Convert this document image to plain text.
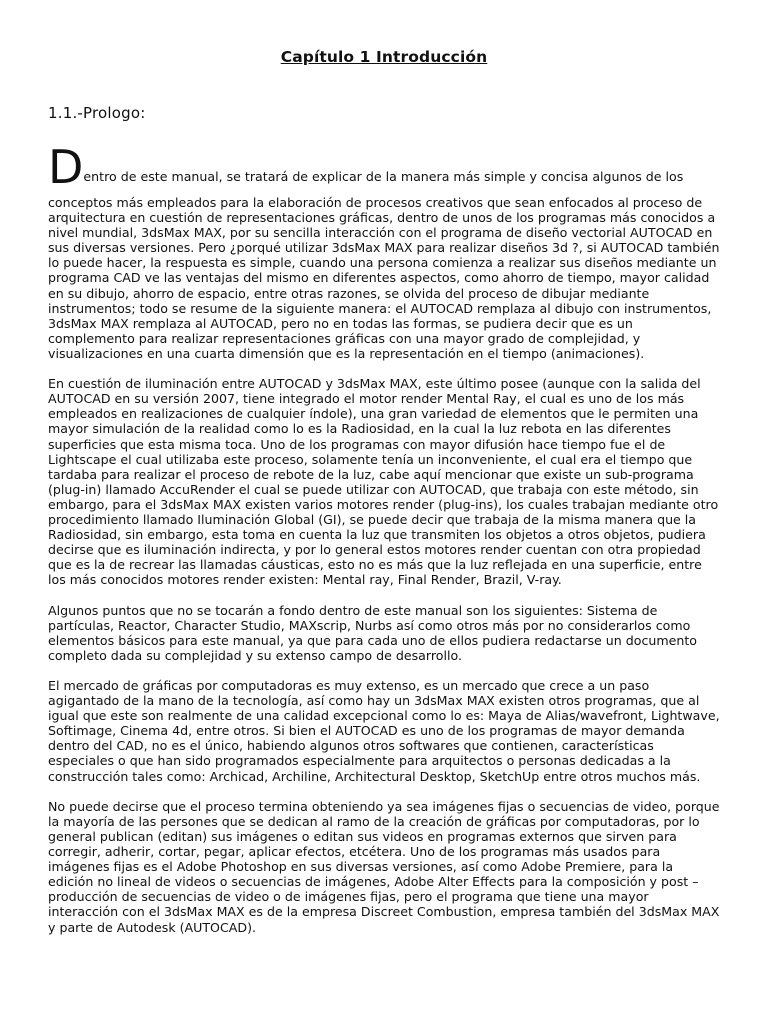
Capítulo 1 Introducción
1.1.-Prologo:

Dentro de este manual, se tratará de explicar de la manera más simple y concisa algunos de los
conceptos más empleados para la elaboración de procesos creativos que sean enfocados al proceso de arquitectura en cuestión de representaciones gráficas, dentro de unos de los programas más conocidos a nivel mundial, 3dsMax MAX, por su sencilla interacción con el programa de diseño vectorial AUTOCAD en sus diversas versiones. Pero ¿porqué utilizar 3dsMax MAX para realizar diseños 3d ?, si AUTOCAD también lo puede hacer, la respuesta es simple, cuando una persona comienza a realizar sus diseños mediante un programa CAD ve las ventajas del mismo en diferentes aspectos, como ahorro de tiempo, mayor calidad en su dibujo, ahorro de espacio, entre otras razones, se olvida del proceso de dibujar mediante instrumentos; todo se resume de la siguiente manera: el AUTOCAD remplaza al dibujo con instrumentos, 3dsMax MAX remplaza al AUTOCAD, pero no en todas las formas, se pudiera decir que es un complemento para realizar representaciones gráficas con una mayor grado de complejidad, y visualizaciones en una cuarta dimensión que es la representación en el tiempo (animaciones).

En cuestión de iluminación entre AUTOCAD y 3dsMax MAX, este último posee (aunque con la salida del AUTOCAD en su versión 2007, tiene integrado el motor render Mental Ray, el cual es uno de los más empleados en realizaciones de cualquier índole), una gran variedad de elementos que le permiten una mayor simulación de la realidad como lo es la Radiosidad, en la cual la luz rebota en las diferentes superficies que esta misma toca. Uno de los programas con mayor difusión hace tiempo fue el de Lightscape el cual utilizaba este proceso, solamente tenía un inconveniente, el cual era el tiempo que tardaba para realizar el proceso de rebote de la luz, cabe aquí mencionar que existe un sub-programa (plug-in) llamado AccuRender el cual se puede utilizar con AUTOCAD, que trabaja con este método, sin embargo, para el 3dsMax MAX existen varios motores render (plug-ins), los cuales trabajan mediante otro procedimiento llamado Iluminación Global (GI), se puede decir que trabaja de la misma manera que la Radiosidad, sin embargo, esta toma en cuenta la luz que transmiten los objetos a otros objetos, pudiera decirse que es iluminación indirecta, y por lo general estos motores render cuentan con otra propiedad que es la de recrear las llamadas cáusticas, esto no es más que la luz reflejada en una superficie, entre los más conocidos motores render existen: Mental ray, Final Render, Brazil, V-ray.

Algunos puntos que no se tocarán a fondo dentro de este manual son los siguientes: Sistema de partículas, Reactor, Character Studio, MAXscrip, Nurbs así como otros más por no considerarlos como elementos básicos para este manual, ya que para cada uno de ellos pudiera redactarse un documento completo dada su complejidad y su extenso campo de desarrollo.

El mercado de gráficas por computadoras es muy extenso, es un mercado que crece a un paso agigantado de la mano de la tecnología, así como hay un 3dsMax MAX existen otros programas, que al igual que este son realmente de una calidad excepcional como lo es: Maya de Alias/wavefront, Lightwave, Softimage, Cinema 4d, entre otros. Si bien el AUTOCAD es uno de los programas de mayor demanda dentro del CAD, no es el único, habiendo algunos otros softwares que contienen, características especiales o que han sido programados especialmente para arquitectos o personas dedicadas a la construcción tales como: Archicad, Archiline, Architectural Desktop, SketchUp entre otros muchos más.

No puede decirse que el proceso termina obteniendo ya sea imágenes fijas o secuencias de video, porque la mayoría de las persones que se dedican al ramo de la creación de gráficas por computadoras, por lo general publican (editan) sus imágenes o editan sus videos en programas externos que sirven para corregir, adherir, cortar, pegar, aplicar efectos, etcétera. Uno de los programas más usados para imágenes fijas es el Adobe Photoshop en sus diversas versiones, así como Adobe Premiere, para la edición no lineal de videos o secuencias de imágenes, Adobe Alter Effects para la composición y post –producción de secuencias de video o de imágenes fijas, pero el programa que tiene una mayor interacción con el 3dsMax MAX es de la empresa Discreet Combustion, empresa también del 3dsMax MAX y parte de Autodesk (AUTOCAD).
